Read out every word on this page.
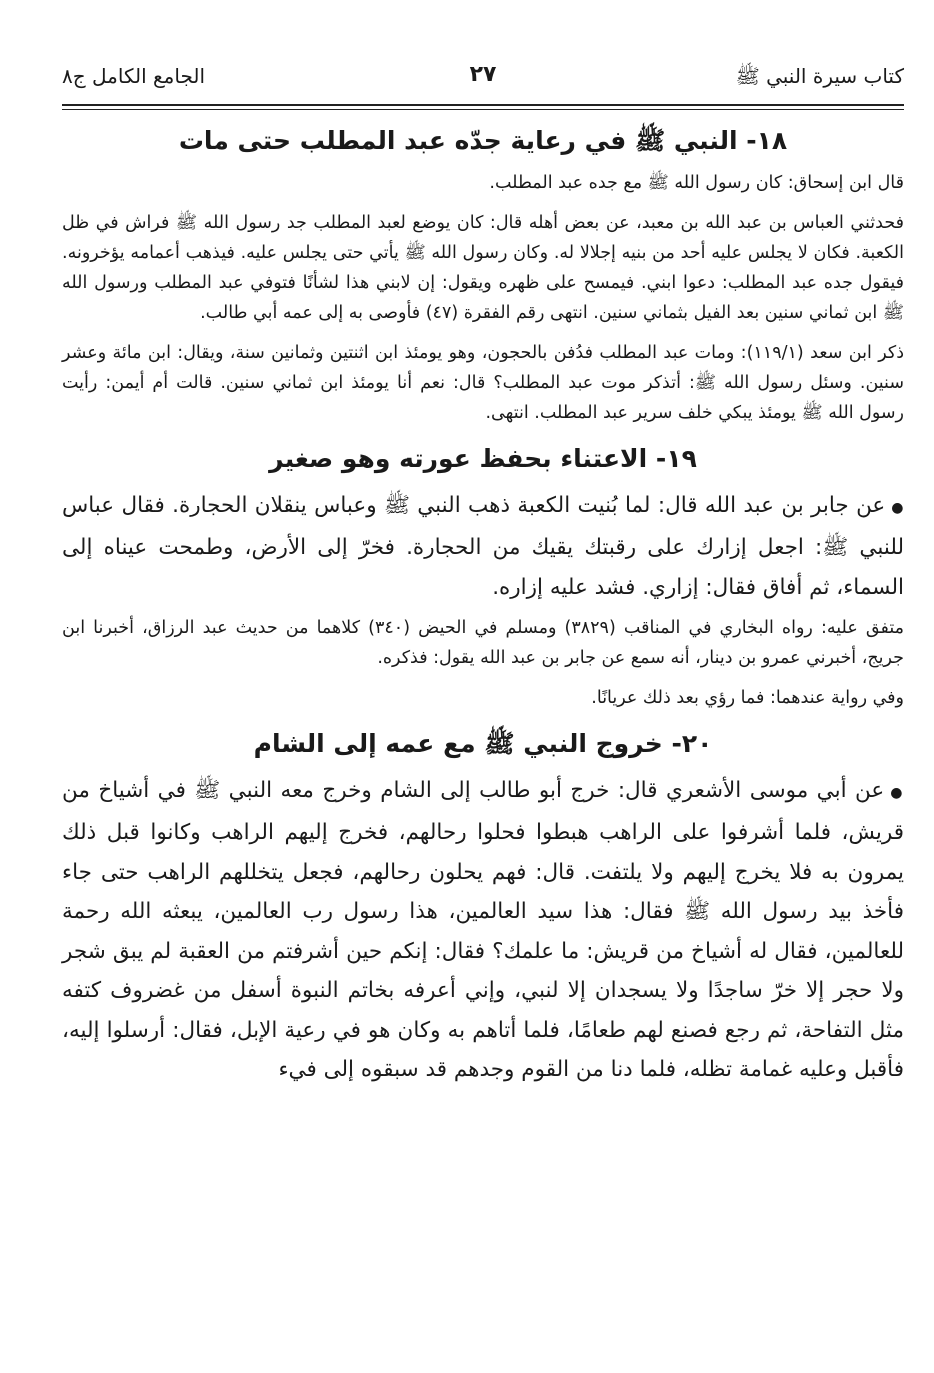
كتاب سيرة النبي ﷺ
٢٧
الجامع الكامل ج٨
١٨- النبي ﷺ في رعاية جدّه عبد المطلب حتى مات

قال ابن إسحاق: كان رسول الله ﷺ مع جده عبد المطلب.

فحدثني العباس بن عبد الله بن معبد، عن بعض أهله قال: كان يوضع لعبد المطلب جد رسول الله ﷺ فراش في ظل الكعبة. فكان لا يجلس عليه أحد من بنيه إجلالا له. وكان رسول الله ﷺ يأتي حتى يجلس عليه. فيذهب أعمامه يؤخرونه. فيقول جده عبد المطلب: دعوا ابني. فيمسح على ظهره ويقول: إن لابني هذا لشأنًا فتوفي عبد المطلب ورسول الله ﷺ ابن ثماني سنين بعد الفيل بثماني سنين. انتهى رقم الفقرة (٤٧) فأوصى به إلى عمه أبي طالب.

ذكر ابن سعد (١١٩/١): ومات عبد المطلب فدُفن بالحجون، وهو يومئذ ابن اثنتين وثمانين سنة، ويقال: ابن مائة وعشر سنين. وسئل رسول الله ﷺ: أتذكر موت عبد المطلب؟ قال: نعم أنا يومئذ ابن ثماني سنين. قالت أم أيمن: رأيت رسول الله ﷺ يومئذ يبكي خلف سرير عبد المطلب. انتهى.

١٩- الاعتناء بحفظ عورته وهو صغير

●عن جابر بن عبد الله قال: لما بُنيت الكعبة ذهب النبي ﷺ وعباس ينقلان الحجارة. فقال عباس للنبي ﷺ: اجعل إزارك على رقبتك يقيك من الحجارة. فخرّ إلى الأرض، وطمحت عيناه إلى السماء، ثم أفاق فقال: إزاري. فشد عليه إزاره.

متفق عليه: رواه البخاري في المناقب (٣٨٢٩) ومسلم في الحيض (٣٤٠) كلاهما من حديث عبد الرزاق، أخبرنا ابن جريج، أخبرني عمرو بن دينار، أنه سمع عن جابر بن عبد الله يقول: فذكره.

وفي رواية عندهما: فما رؤي بعد ذلك عريانًا.

٢٠- خروج النبي ﷺ مع عمه إلى الشام

●عن أبي موسى الأشعري قال: خرج أبو طالب إلى الشام وخرج معه النبي ﷺ في أشياخ من قريش، فلما أشرفوا على الراهب هبطوا فحلوا رحالهم، فخرج إليهم الراهب وكانوا قبل ذلك يمرون به فلا يخرج إليهم ولا يلتفت. قال: فهم يحلون رحالهم، فجعل يتخللهم الراهب حتى جاء فأخذ بيد رسول الله ﷺ فقال: هذا سيد العالمين، هذا رسول رب العالمين، يبعثه الله رحمة للعالمين، فقال له أشياخ من قريش: ما علمك؟ فقال: إنكم حين أشرفتم من العقبة لم يبق شجر ولا حجر إلا خرّ ساجدًا ولا يسجدان إلا لنبي، وإني أعرفه بخاتم النبوة أسفل من غضروف كتفه مثل التفاحة، ثم رجع فصنع لهم طعامًا، فلما أتاهم به وكان هو في رعية الإبل، فقال: أرسلوا إليه، فأقبل وعليه غمامة تظله، فلما دنا من القوم وجدهم قد سبقوه إلى فيء
